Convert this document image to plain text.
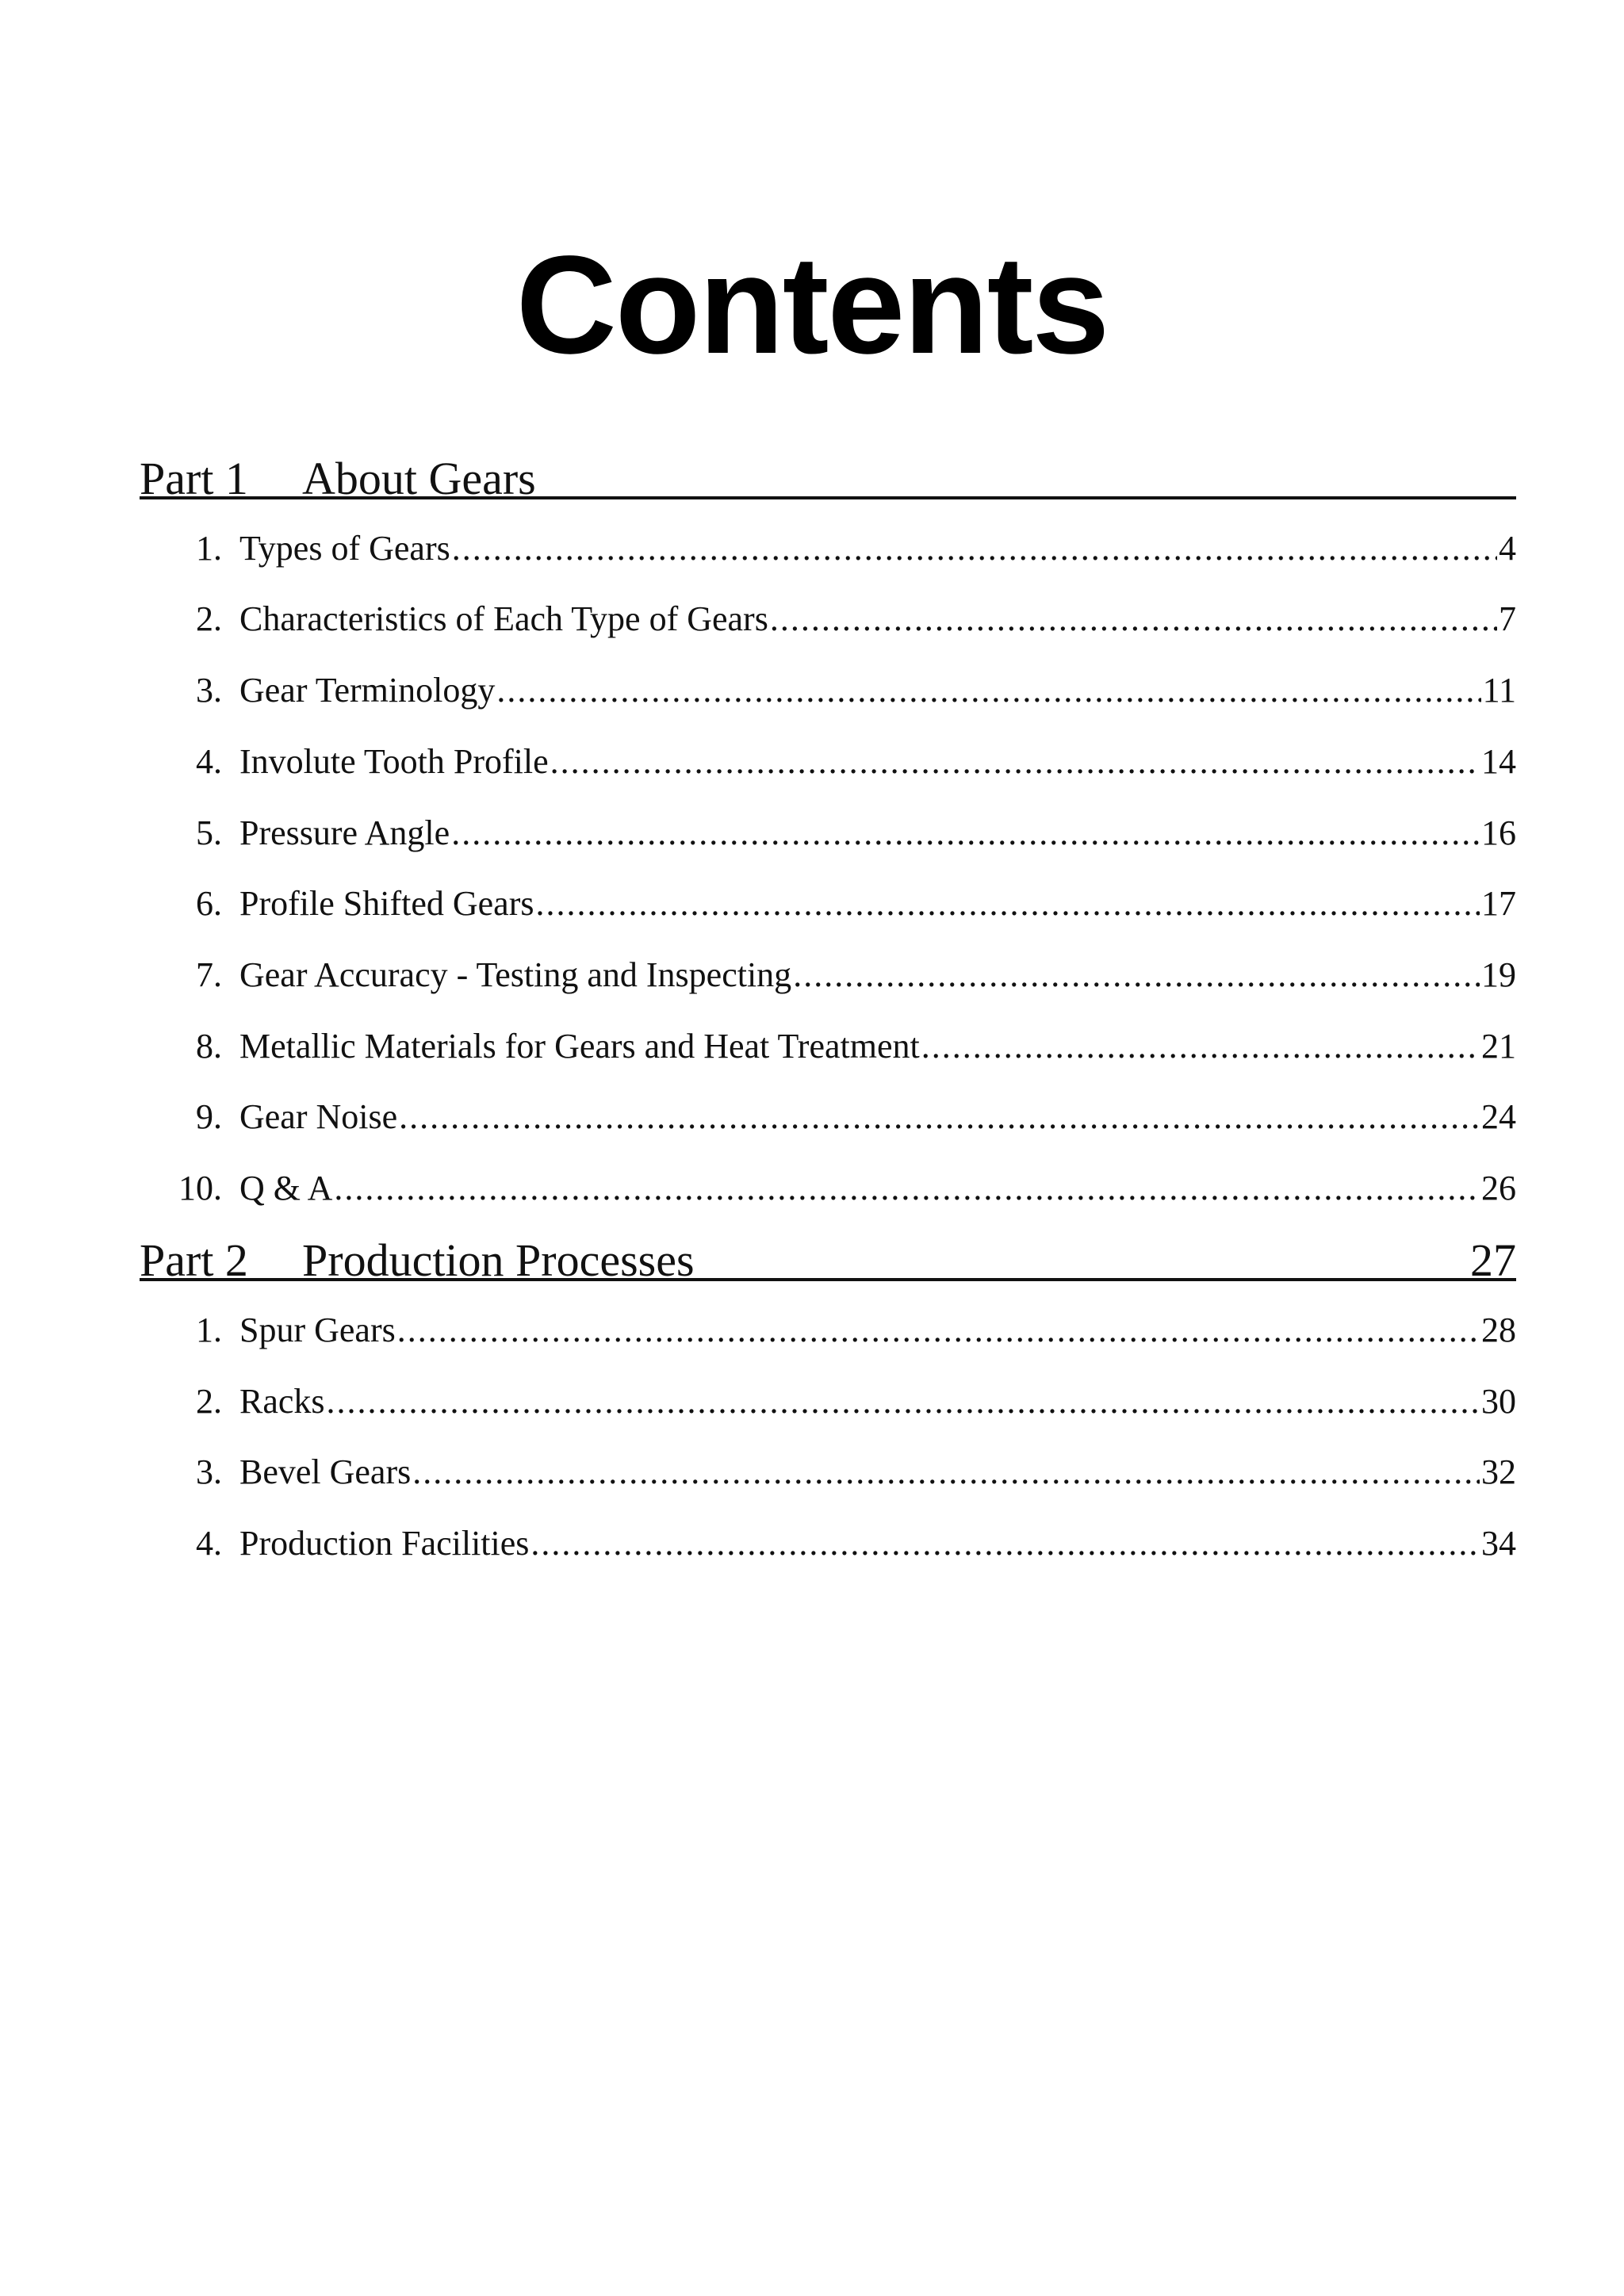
Contents
Part 1 About Gears
1. Types of Gears .....	4
2. Characteristics of Each Type of Gears .....	7
3. Gear Terminology .....	11
4. Involute Tooth Profile .....	14
5. Pressure Angle .....	16
6. Profile Shifted Gears .....	17
7. Gear Accuracy - Testing and Inspecting .....	19
8. Metallic Materials for Gears and Heat Treatment .....	21
9. Gear Noise .....	24
10. Q & A .....	26
Part 2 Production Processes	27
1. Spur Gears .....	28
2. Racks .....	30
3. Bevel Gears .....	32
4. Production Facilities .....	34
